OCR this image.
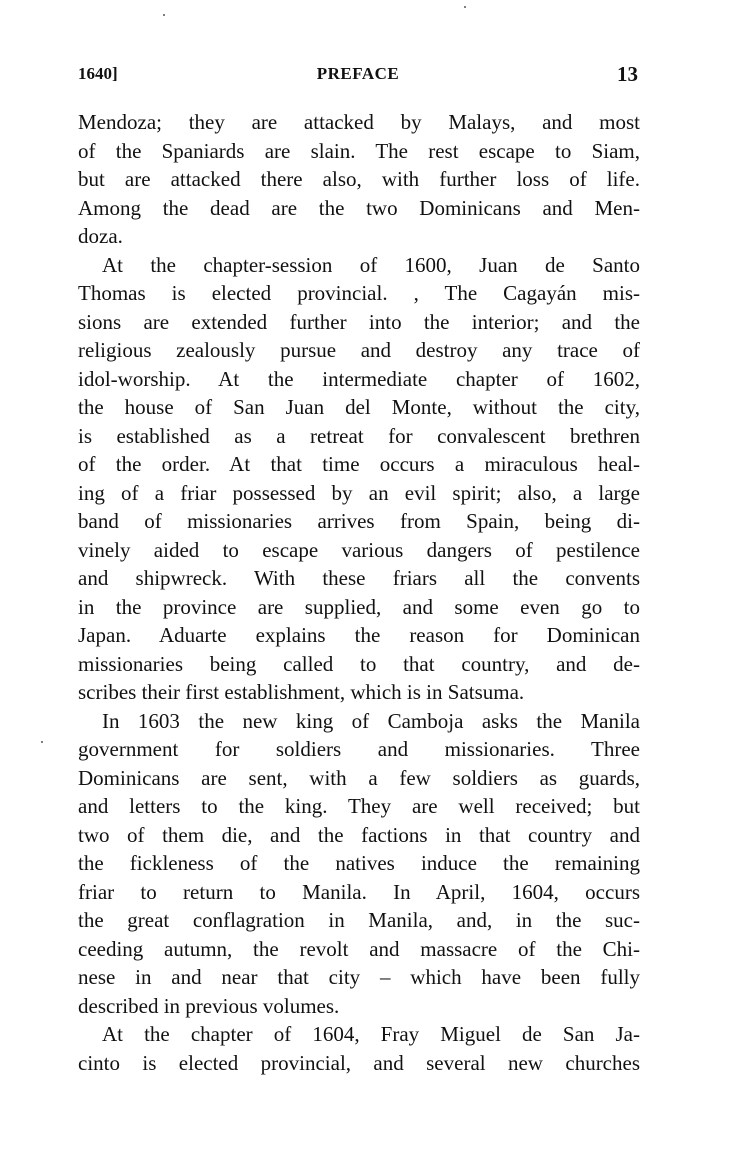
1640]	PREFACE	13
Mendoza; they are attacked by Malays, and most
of the Spaniards are slain. The rest escape to Siam,
but are attacked there also, with further loss of life.
Among the dead are the two Dominicans and Men-
doza.
At the chapter-session of 1600, Juan de Santo
Thomas is elected provincial. , The Cagayán mis-
sions are extended further into the interior; and the
religious zealously pursue and destroy any trace of
idol-worship. At the intermediate chapter of 1602,
the house of San Juan del Monte, without the city,
is established as a retreat for convalescent brethren
of the order. At that time occurs a miraculous heal-
ing of a friar possessed by an evil spirit; also, a large
band of missionaries arrives from Spain, being di-
vinely aided to escape various dangers of pestilence
and shipwreck. With these friars all the convents
in the province are supplied, and some even go to
Japan. Aduarte explains the reason for Dominican
missionaries being called to that country, and de-
scribes their first establishment, which is in Satsuma.
In 1603 the new king of Camboja asks the Manila
government for soldiers and missionaries. Three
Dominicans are sent, with a few soldiers as guards,
and letters to the king. They are well received; but
two of them die, and the factions in that country and
the fickleness of the natives induce the remaining
friar to return to Manila. In April, 1604, occurs
the great conflagration in Manila, and, in the suc-
ceeding autumn, the revolt and massacre of the Chi-
nese in and near that city – which have been fully
described in previous volumes.
At the chapter of 1604, Fray Miguel de San Ja-
cinto is elected provincial, and several new churches
